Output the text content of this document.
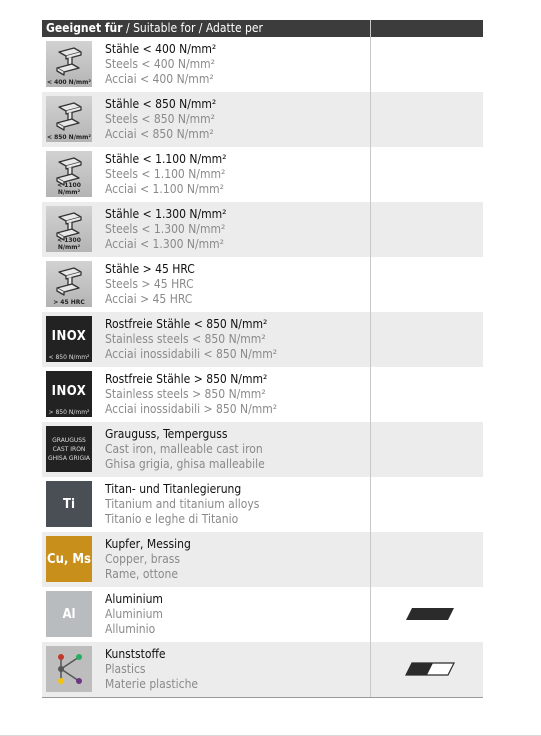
Geeignet für / Suitable for / Adatte per
< 400 N/mm²
Stähle < 400 N/mm²
Steels < 400 N/mm²
Acciai < 400 N/mm²
< 850 N/mm²
Stähle < 850 N/mm²
Steels < 850 N/mm²
Acciai < 850 N/mm²
< 1100 N/mm²
Stähle < 1.100 N/mm²
Steels < 1.100 N/mm²
Acciai < 1.100 N/mm²
< 1300 N/mm²
Stähle < 1.300 N/mm²
Steels < 1.300 N/mm²
Acciai < 1.300 N/mm²
> 45 HRC
Stähle > 45 HRC
Steels > 45 HRC
Acciai > 45 HRC
INOX
< 850 N/mm²
Rostfreie Stähle < 850 N/mm²
Stainless steels < 850 N/mm²
Acciai inossidabili < 850 N/mm²
INOX
> 850 N/mm²
Rostfreie Stähle > 850 N/mm²
Stainless steels > 850 N/mm²
Acciai inossidabili > 850 N/mm²
GRAUGUSS
CAST IRON
GHISA GRIGIA
Grauguss, Temperguss
Cast iron, malleable cast iron
Ghisa grigia, ghisa malleabile
Ti
Titan- und Titanlegierung
Titanium and titanium alloys
Titanio e leghe di Titanio
Cu, Ms
Kupfer, Messing
Copper, brass
Rame, ottone
Al
Aluminium
Aluminium
Alluminio
Kunststoffe
Plastics
Materie plastiche
